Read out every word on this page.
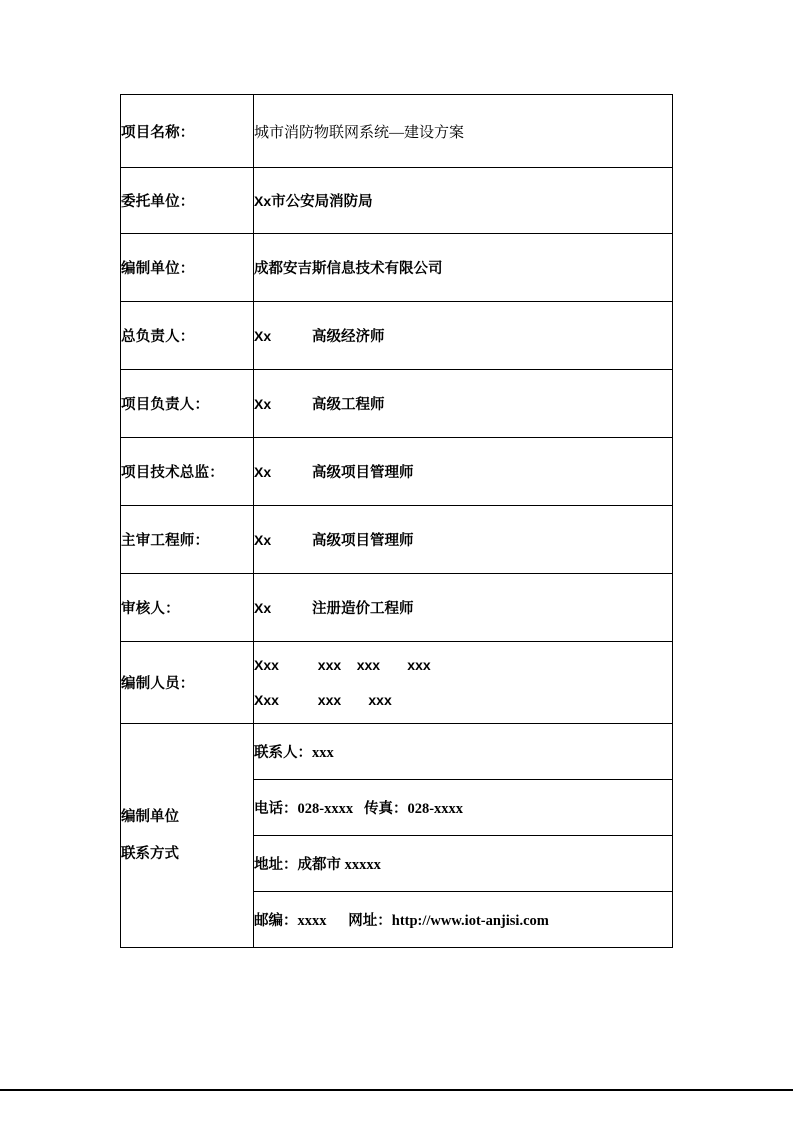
项目名称：	城市消防物联网系统—建设方案
委托单位：	Xx市公安局消防局
编制单位：	成都安吉斯信息技术有限公司
总负责人：	Xx 高级经济师
项目负责人：	Xx 高级工程师
项目技术总监：	Xx 高级项目管理师
主审工程师：	Xx 高级项目管理师
审核人：	Xx 注册造价工程师
编制人员：	Xxx          xxx    xxx       xxx
Xxx          xxx       xxx

编制单位
联系方式	联系人：xxx
	电话：028-xxxx 传真：028-xxxx
	地址：成都市 xxxxx
	邮编：xxxx 网址：http://www.iot-anjisi.com
